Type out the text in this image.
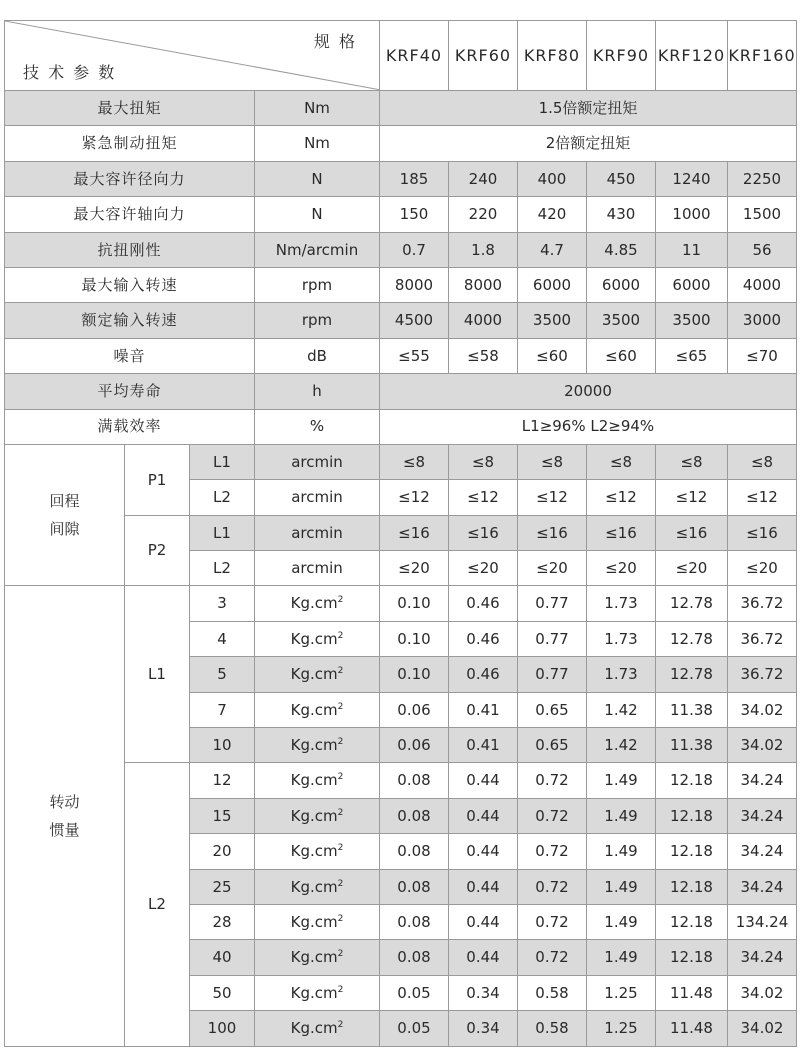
规 格
技 术 参 数				KRF40	KRF60	KRF80	KRF90	KRF120	KRF160
最大扭矩			Nm	1.5倍额定扭矩					
紧急制动扭矩			Nm	2倍额定扭矩					
最大容许径向力			N	185	240	400	450	1240	2250
最大容许轴向力			N	150	220	420	430	1000	1500
抗扭刚性			Nm/arcmin	0.7	1.8	4.7	4.85	11	56
最大输入转速			rpm	8000	8000	6000	6000	6000	4000
额定输入转速			rpm	4500	4000	3500	3500	3500	3000
噪音			dB	≤55	≤58	≤60	≤60	≤65	≤70
平均寿命			h	20000					
满载效率			%	L1≥96% L2≥94%					
回程
间隙	P1	L1	arcmin	≤8	≤8	≤8	≤8	≤8	≤8
		L2	arcmin	≤12	≤12	≤12	≤12	≤12	≤12
	P2	L1	arcmin	≤16	≤16	≤16	≤16	≤16	≤16
		L2	arcmin	≤20	≤20	≤20	≤20	≤20	≤20
转动
惯量	L1	3	$Kg.cm^2$	0.10	0.46	0.77	1.73	12.78	36.72
		4	$Kg.cm^2$	0.10	0.46	0.77	1.73	12.78	36.72
		5	$Kg.cm^2$	0.10	0.46	0.77	1.73	12.78	36.72
		7	$Kg.cm^2$	0.06	0.41	0.65	1.42	11.38	34.02
		10	$Kg.cm^2$	0.06	0.41	0.65	1.42	11.38	34.02
	L2	12	$Kg.cm^2$	0.08	0.44	0.72	1.49	12.18	34.24
		15	$Kg.cm^2$	0.08	0.44	0.72	1.49	12.18	34.24
		20	$Kg.cm^2$	0.08	0.44	0.72	1.49	12.18	34.24
		25	$Kg.cm^2$	0.08	0.44	0.72	1.49	12.18	34.24
		28	$Kg.cm^2$	0.08	0.44	0.72	1.49	12.18	134.24
		40	$Kg.cm^2$	0.08	0.44	0.72	1.49	12.18	34.24
		50	$Kg.cm^2$	0.05	0.34	0.58	1.25	11.48	34.02
		100	$Kg.cm^2$	0.05	0.34	0.58	1.25	11.48	34.02
